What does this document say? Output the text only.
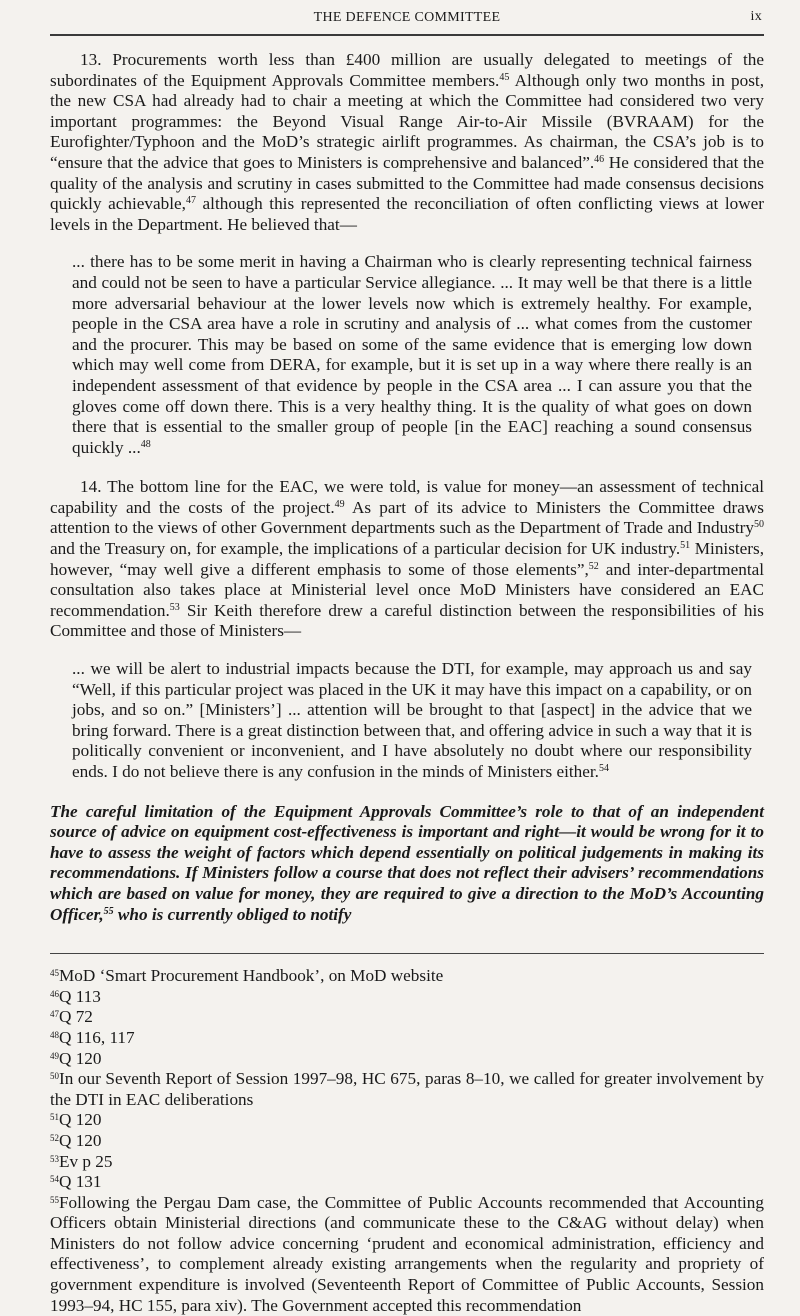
THE DEFENCE COMMITTEE	ix

13. Procurements worth less than £400 million are usually delegated to meetings of the subordinates of the Equipment Approvals Committee members.$^{45}$ Although only two months in post, the new CSA had already had to chair a meeting at which the Committee had considered two very important programmes: the Beyond Visual Range Air-to-Air Missile (BVRAAM) for the Eurofighter/Typhoon and the MoD’s strategic airlift programmes. As chairman, the CSA’s job is to “ensure that the advice that goes to Ministers is comprehensive and balanced”.$^{46}$ He considered that the quality of the analysis and scrutiny in cases submitted to the Committee had made consensus decisions quickly achievable,$^{47}$ although this represented the reconciliation of often conflicting views at lower levels in the Department. He believed that—

... there has to be some merit in having a Chairman who is clearly representing technical fairness and could not be seen to have a particular Service allegiance. ... It may well be that there is a little more adversarial behaviour at the lower levels now which is extremely healthy. For example, people in the CSA area have a role in scrutiny and analysis of ... what comes from the customer and the procurer. This may be based on some of the same evidence that is emerging low down which may well come from DERA, for example, but it is set up in a way where there really is an independent assessment of that evidence by people in the CSA area ... I can assure you that the gloves come off down there. This is a very healthy thing. It is the quality of what goes on down there that is essential to the smaller group of people [in the EAC] reaching a sound consensus quickly ...$^{48}$

14. The bottom line for the EAC, we were told, is value for money—an assessment of technical capability and the costs of the project.$^{49}$ As part of its advice to Ministers the Committee draws attention to the views of other Government departments such as the Department of Trade and Industry$^{50}$ and the Treasury on, for example, the implications of a particular decision for UK industry.$^{51}$ Ministers, however, “may well give a different emphasis to some of those elements”,$^{52}$ and inter-departmental consultation also takes place at Ministerial level once MoD Ministers have considered an EAC recommendation.$^{53}$ Sir Keith therefore drew a careful distinction between the responsibilities of his Committee and those of Ministers—

... we will be alert to industrial impacts because the DTI, for example, may approach us and say “Well, if this particular project was placed in the UK it may have this impact on a capability, or on jobs, and so on.” [Ministers’] ... attention will be brought to that [aspect] in the advice that we bring forward. There is a great distinction between that, and offering advice in such a way that it is politically convenient or inconvenient, and I have absolutely no doubt where our responsibility ends. I do not believe there is any confusion in the minds of Ministers either.$^{54}$

The careful limitation of the Equipment Approvals Committee’s role to that of an independent source of advice on equipment cost-effectiveness is important and right—it would be wrong for it to have to assess the weight of factors which depend essentially on political judgements in making its recommendations. If Ministers follow a course that does not reflect their advisers’ recommendations which are based on value for money, they are required to give a direction to the MoD’s Accounting Officer,$^{55}$ who is currently obliged to notify

$^{45}$MoD ‘Smart Procurement Handbook’, on MoD website

$^{46}$Q 113

$^{47}$Q 72

$^{48}$Q 116, 117

$^{49}$Q 120

$^{50}$In our Seventh Report of Session 1997–98, HC 675, paras 8–10, we called for greater involvement by the DTI in EAC deliberations

$^{51}$Q 120

$^{52}$Q 120

$^{53}$Ev p 25

$^{54}$Q 131

$^{55}$Following the Pergau Dam case, the Committee of Public Accounts recommended that Accounting Officers obtain Ministerial directions (and communicate these to the C&AG without delay) when Ministers do not follow advice concerning ‘prudent and economical administration, efficiency and effectiveness’, to complement already existing arrangements when the regularity and propriety of government expenditure is involved (Seventeenth Report of Committee of Public Accounts, Session 1993–94, HC 155, para xiv). The Government accepted this recommendation
